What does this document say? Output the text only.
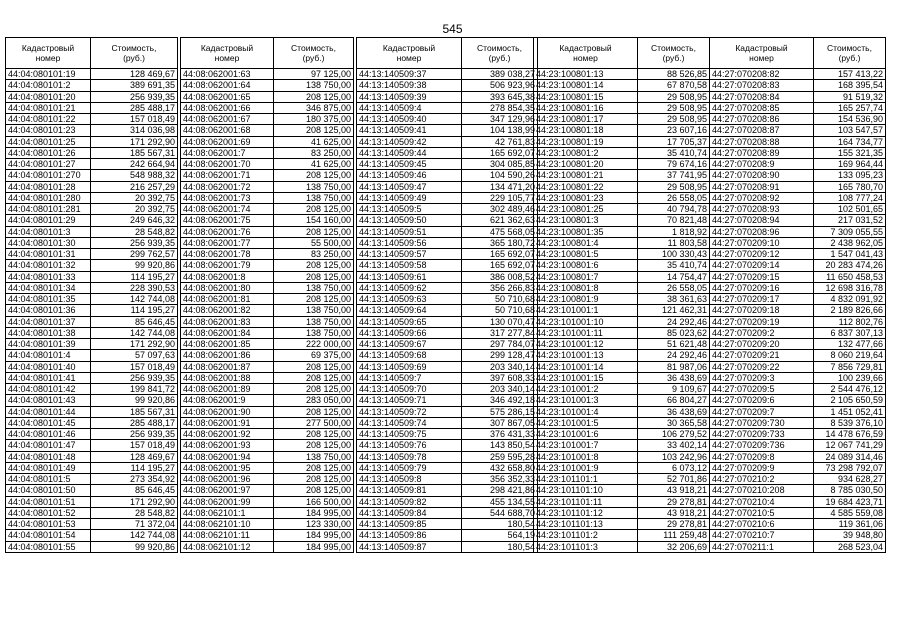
545
Кадастровый
номер	Стоимость,
(руб.)

44:04:080101:19	128 469,67
44:04:080101:2	389 691,35
44:04:080101:20	256 939,35
44:04:080101:21	285 488,17
44:04:080101:22	157 018,49
44:04:080101:23	314 036,98
44:04:080101:25	171 292,90
44:04:080101:26	185 567,31
44:04:080101:27	242 664,94
44:04:080101:270	548 988,32
44:04:080101:28	216 257,29
44:04:080101:280	20 392,75
44:04:080101:281	20 392,75
44:04:080101:29	249 646,32
44:04:080101:3	28 548,82
44:04:080101:30	256 939,35
44:04:080101:31	299 762,57
44:04:080101:32	99 920,86
44:04:080101:33	114 195,27
44:04:080101:34	228 390,53
44:04:080101:35	142 744,08
44:04:080101:36	114 195,27
44:04:080101:37	85 646,45
44:04:080101:38	142 744,08
44:04:080101:39	171 292,90
44:04:080101:4	57 097,63
44:04:080101:40	157 018,49
44:04:080101:41	256 939,35
44:04:080101:42	199 841,72
44:04:080101:43	99 920,86
44:04:080101:44	185 567,31
44:04:080101:45	285 488,17
44:04:080101:46	256 939,35
44:04:080101:47	157 018,49
44:04:080101:48	128 469,67
44:04:080101:49	114 195,27
44:04:080101:5	273 354,92
44:04:080101:50	85 646,45
44:04:080101:51	171 292,90
44:04:080101:52	28 548,82
44:04:080101:53	71 372,04
44:04:080101:54	142 744,08
44:04:080101:55	99 920,86
Кадастровый
номер	Стоимость,
(руб.)

44:08:062001:63	97 125,00
44:08:062001:64	138 750,00
44:08:062001:65	208 125,00
44:08:062001:66	346 875,00
44:08:062001:67	180 375,00
44:08:062001:68	208 125,00
44:08:062001:69	41 625,00
44:08:062001:7	83 250,00
44:08:062001:70	41 625,00
44:08:062001:71	208 125,00
44:08:062001:72	138 750,00
44:08:062001:73	138 750,00
44:08:062001:74	208 125,00
44:08:062001:75	154 160,00
44:08:062001:76	208 125,00
44:08:062001:77	55 500,00
44:08:062001:78	83 250,00
44:08:062001:79	208 125,00
44:08:062001:8	208 125,00
44:08:062001:80	138 750,00
44:08:062001:81	208 125,00
44:08:062001:82	138 750,00
44:08:062001:83	138 750,00
44:08:062001:84	138 750,00
44:08:062001:85	222 000,00
44:08:062001:86	69 375,00
44:08:062001:87	208 125,00
44:08:062001:88	208 125,00
44:08:062001:89	208 125,00
44:08:062001:9	283 050,00
44:08:062001:90	208 125,00
44:08:062001:91	277 500,00
44:08:062001:92	208 125,00
44:08:062001:93	208 125,00
44:08:062001:94	138 750,00
44:08:062001:95	208 125,00
44:08:062001:96	208 125,00
44:08:062001:97	208 125,00
44:08:062001:99	166 500,00
44:08:062101:1	184 995,00
44:08:062101:10	123 330,00
44:08:062101:11	184 995,00
44:08:062101:12	184 995,00
Кадастровый
номер	Стоимость,
(руб.)

44:13:140509:37	389 038,27
44:13:140509:38	506 923,96
44:13:140509:39	393 645,38
44:13:140509:4	278 854,35
44:13:140509:40	347 129,96
44:13:140509:41	104 138,99
44:13:140509:42	42 761,83
44:13:140509:44	165 692,07
44:13:140509:45	304 085,85
44:13:140509:46	104 590,26
44:13:140509:47	134 471,20
44:13:140509:49	229 105,77
44:13:140509:5	302 489,46
44:13:140509:50	621 362,63
44:13:140509:51	475 568,05
44:13:140509:56	365 180,72
44:13:140509:57	165 692,07
44:13:140509:58	165 692,07
44:13:140509:61	386 008,52
44:13:140509:62	356 266,83
44:13:140509:63	50 710,68
44:13:140509:64	50 710,68
44:13:140509:65	130 070,47
44:13:140509:66	317 277,84
44:13:140509:67	297 784,07
44:13:140509:68	299 128,47
44:13:140509:69	203 340,14
44:13:140509:7	397 608,33
44:13:140509:70	203 340,14
44:13:140509:71	346 492,18
44:13:140509:72	575 286,15
44:13:140509:74	307 867,05
44:13:140509:75	376 431,33
44:13:140509:76	143 850,54
44:13:140509:78	259 595,28
44:13:140509:79	432 658,80
44:13:140509:8	356 352,33
44:13:140509:81	298 421,86
44:13:140509:82	455 134,55
44:13:140509:84	544 688,70
44:13:140509:85	180,54
44:13:140509:86	564,19
44:13:140509:87	180,54
Кадастровый
номер	Стоимость,
(руб.)

44:23:100801:13	88 526,85
44:23:100801:14	67 870,58
44:23:100801:15	29 508,95
44:23:100801:16	29 508,95
44:23:100801:17	29 508,95
44:23:100801:18	23 607,16
44:23:100801:19	17 705,37
44:23:100801:2	35 410,74
44:23:100801:20	79 674,16
44:23:100801:21	37 741,95
44:23:100801:22	29 508,95
44:23:100801:23	26 558,05
44:23:100801:25	40 794,78
44:23:100801:3	70 821,48
44:23:100801:35	1 818,92
44:23:100801:4	11 803,58
44:23:100801:5	100 330,43
44:23:100801:6	35 410,74
44:23:100801:7	14 754,47
44:23:100801:8	26 558,05
44:23:100801:9	38 361,63
44:23:101001:1	121 462,31
44:23:101001:10	24 292,46
44:23:101001:11	85 023,62
44:23:101001:12	51 621,48
44:23:101001:13	24 292,46
44:23:101001:14	81 987,06
44:23:101001:15	36 438,69
44:23:101001:2	9 109,67
44:23:101001:3	66 804,27
44:23:101001:4	36 438,69
44:23:101001:5	30 365,58
44:23:101001:6	106 279,52
44:23:101001:7	33 402,14
44:23:101001:8	103 242,96
44:23:101001:9	6 073,12
44:23:101101:1	52 701,86
44:23:101101:10	43 918,21
44:23:101101:11	29 278,81
44:23:101101:12	43 918,21
44:23:101101:13	29 278,81
44:23:101101:2	111 259,48
44:23:101101:3	32 206,69
Кадастровый
номер	Стоимость,
(руб.)

44:27:070208:82	157 413,22
44:27:070208:83	168 395,54
44:27:070208:84	91 519,32
44:27:070208:85	165 257,74
44:27:070208:86	154 536,90
44:27:070208:87	103 547,57
44:27:070208:88	164 734,77
44:27:070208:89	155 321,35
44:27:070208:9	169 964,44
44:27:070208:90	133 095,23
44:27:070208:91	165 780,70
44:27:070208:92	108 777,24
44:27:070208:93	102 501,65
44:27:070208:94	217 031,52
44:27:070208:96	7 309 055,55
44:27:070209:10	2 438 962,05
44:27:070209:12	1 547 041,43
44:27:070209:14	20 283 474,26
44:27:070209:15	11 650 458,53
44:27:070209:16	12 698 316,78
44:27:070209:17	4 832 091,92
44:27:070209:18	2 189 826,66
44:27:070209:19	112 802,76
44:27:070209:2	6 837 307,13
44:27:070209:20	132 477,66
44:27:070209:21	8 060 219,64
44:27:070209:22	7 856 729,81
44:27:070209:3	100 239,66
44:27:070209:5	2 544 476,12
44:27:070209:6	2 105 650,59
44:27:070209:7	1 451 052,41
44:27:070209:730	8 539 376,10
44:27:070209:733	14 478 676,59
44:27:070209:736	12 067 741,29
44:27:070209:8	24 089 314,46
44:27:070209:9	73 298 792,07
44:27:070210:2	934 628,27
44:27:070210:208	8 785 030,50
44:27:070210:4	19 684 423,71
44:27:070210:5	4 585 559,08
44:27:070210:6	119 361,06
44:27:070210:7	39 948,80
44:27:070211:1	268 523,04
